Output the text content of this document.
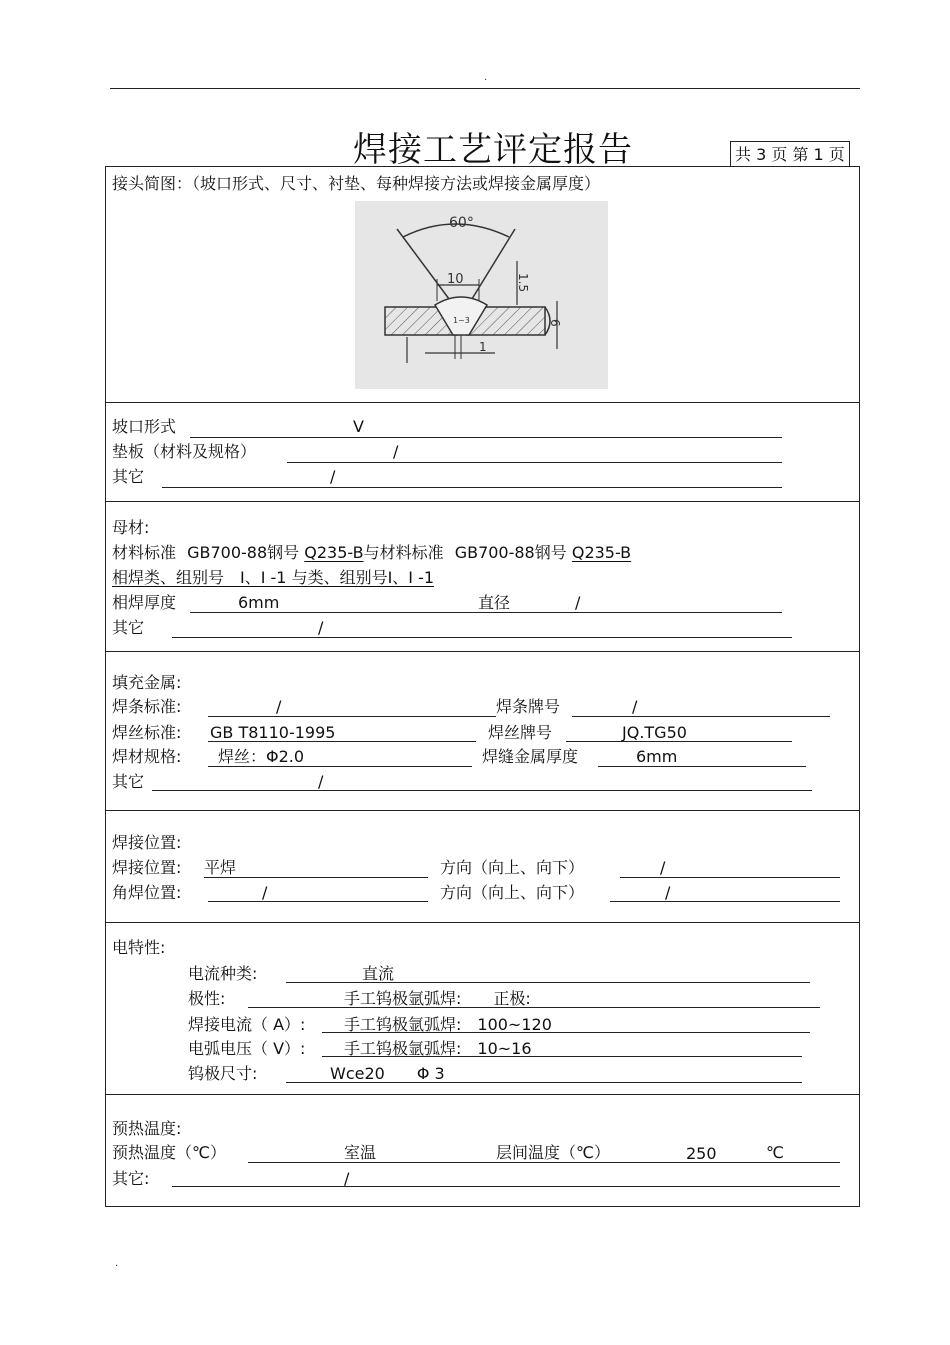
.
焊接工艺评定报告	共 3 页 第 1 页
接头简图：（坡口形式、尺寸、衬垫、每种焊接方法或焊接金属厚度）
60°
10	1.5
6
1
1~3
坡口形式	V
垫板（材料及规格）	/
其它	/
母材:
材料标准 GB700-88钢号 Q235-B与材料标准 GB700-88钢号 Q235-B
相焊类、组别号　Ⅰ、Ⅰ -1 与类、组别号Ⅰ、Ⅰ -1
相焊厚度	6mm	直径	/
其它	/
填充金属:
焊条标准:	/	焊条牌号	/
焊丝标准: GB T8110-1995	焊丝牌号	JQ.TG50
焊材规格: 焊丝：Φ2.0	焊缝金属厚度	6mm
其它	/
焊接位置:
焊接位置: 平焊	方向（向上、向下）	/
角焊位置:	/	方向（向上、向下）	/
电特性:
电流种类:	直流
极性:	手工钨极氩弧焊:　　正极:
焊接电流（ A）: 手工钨极氩弧焊:　100~120
电弧电压（ V）: 手工钨极氩弧焊:　10~16
钨极尺寸:	Wce20　　Φ 3
预热温度:
预热温度（℃）	室温	层间温度（℃）	250	℃
其它:	/
.
